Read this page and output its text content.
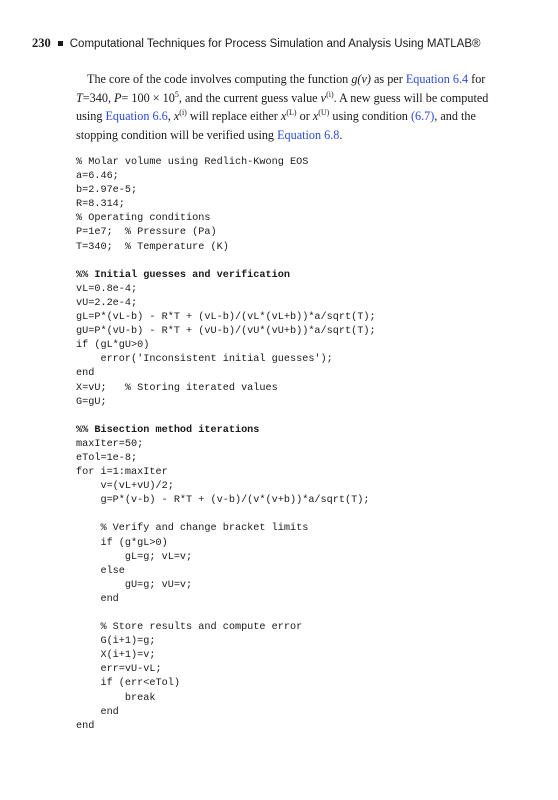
230 Computational Techniques for Process Simulation and Analysis Using MATLAB®

The core of the code involves computing the function g(v) as per Equation 6.4 for T=340, $P= 100 \times 10^5$, and the current guess value $v^{(i)}$. A new guess will be computed using Equation 6.6, $x^{(i)}$ will replace either $x^{(L)}$ or $x^{(U)}$ using condition (6.7), and the stopping condition will be verified using Equation 6.8.

% Molar volume using Redlich-Kwong EOS
a=6.46;
b=2.97e-5;
R=8.314;
% Operating conditions
P=1e7;  % Pressure (Pa)
T=340;  % Temperature (K)

%% Initial guesses and verification
vL=0.8e-4;
vU=2.2e-4;
gL=P*(vL-b) - R*T + (vL-b)/(vL*(vL+b))*a/sqrt(T);
gU=P*(vU-b) - R*T + (vU-b)/(vU*(vU+b))*a/sqrt(T);
if (gL*gU>0)
error('Inconsistent initial guesses');
end
X=vU;   % Storing iterated values
G=gU;

%% Bisection method iterations
maxIter=50;
eTol=1e-8;
for i=1:maxIter
v=(vL+vU)/2;
g=P*(v-b) - R*T + (v-b)/(v*(v+b))*a/sqrt(T);

% Verify and change bracket limits
if (g*gL>0)
gL=g; vL=v;
else
gU=g; vU=v;
end

% Store results and compute error
G(i+1)=g;
X(i+1)=v;
err=vU-vL;
if (err<eTol)
break
end
end
